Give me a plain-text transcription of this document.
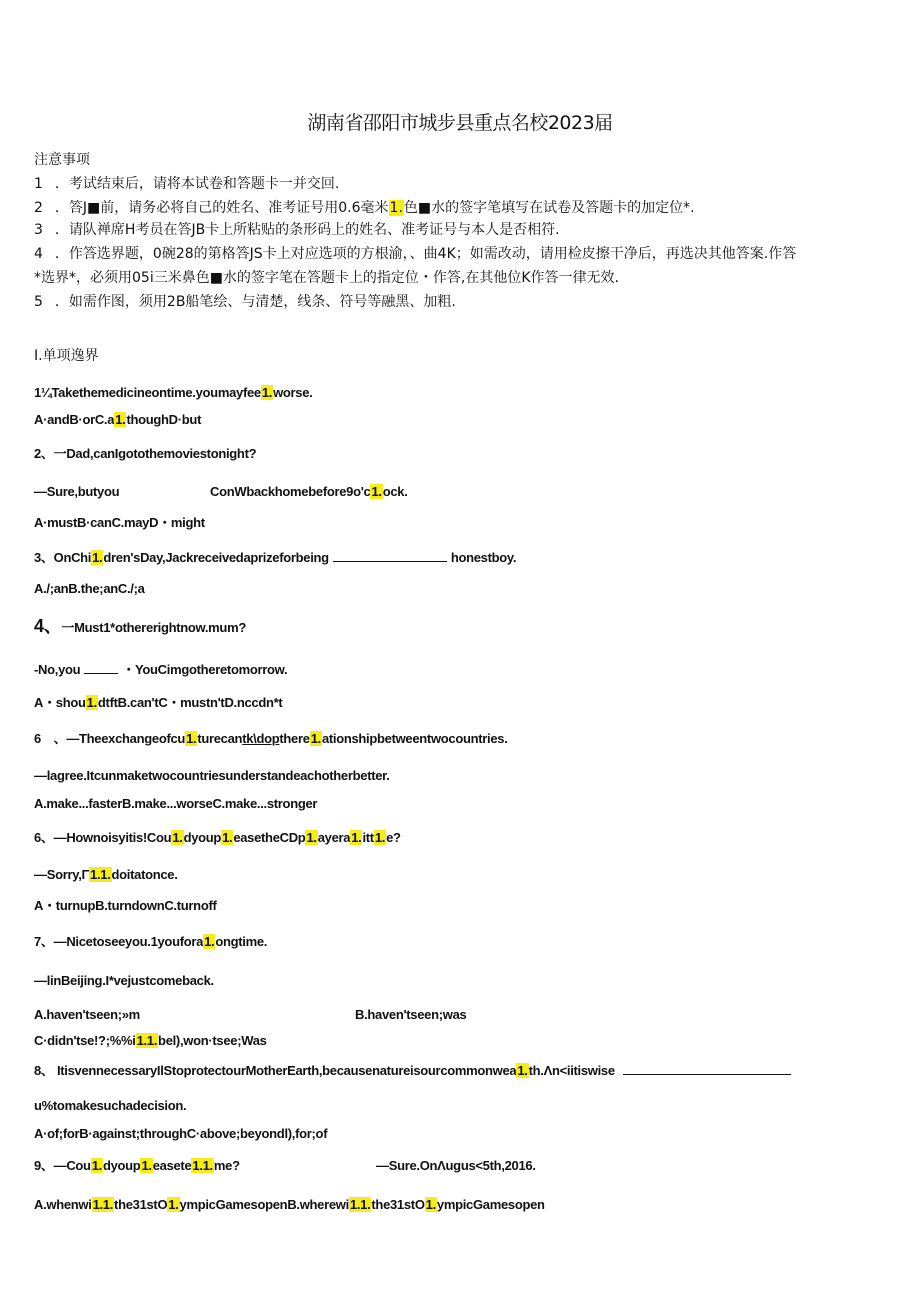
湖南省邵阳市城步县重点名校2023届
注意事项
1 ．考试结束后，请将本试卷和答题卡一并交回.
2 ．答J■前，请务必将自己的姓名、准考证号用0.6毫米1.色■水的签字笔填写在试卷及答题卡的加定位*.
3 ．请队禅席H考员在答JB卡上所粘贴的条形码上的姓名、准考证号与本人是否相符.
4 ．作答选界题，0碗28的第格答JS卡上对应选项的方根渝，、曲4K；如需改动，请用检皮擦干净后，再选决其他答案.作答
*选界*，必须用05i三米鼻色■水的签字笔在答题卡上的指定位・作答,在其他位K作答一律无效.
5 ．如需作图，须用2B船笔绘、与清楚，线条、符号等融黑、加粗.
I.单项逸界
1¼Takethemedicineontime.youmayfee1.worse.
A·andB·orC.a1.thoughD·but
2、一Dad,canIgotothemoviestonight?
—Sure,butyou	ConWbackhomebefore9o'c1.ock.
A·mustB·canC.mayD・might
3、OnChi1.dren'sDay,Jackreceivedaprizeforbeing	honestboy.
A./;anB.the;anC./;a
4、一Must1*othererightnow.mum?
-No,you	・YouCimgotheretomorrow.
A・shou1.dtftB.can'tC・mustn'tD.nccdn*t
6　、—Theexchangeofcu1.turecantk\dopthere1.ationshipbetweentwocountries.
—lagree.Itcunmaketwocountriesunderstandeachotherbetter.
A.make...fasterB.make...worseC.make...stronger
6、—Hownoisyitis!Cou1.dyoup1.easetheCDp1.ayera1.itt1.e?
—Sorry,Γ1.1.doitatonce.
A・turnupB.turndownC.turnoff
7、—Nicetoseeyou.1youfora1.ongtime.
—linBeijing.I*vejustcomeback.
A.haven'tseen;»m	B.haven'tseen;was
C·didn'tse!?;%%i1.1.bel),won·tsee;Was
8、 ItisvennecessaryIlStoprotectourMotherEarth,becausenatureisourcommonwea1.th.Λn<iitiswise
u%tomakesuchadecision.
A·of;forB·against;throughC·above;beyondl),for;of
9、—Cou1.dyoup1.easete1.1.me?	—Sure.OnΛugus<5th,2016.
A.whenwi1.1.the31stO1.ympicGamesopenB.wherewi1.1.the31stO1.ympicGamesopen
